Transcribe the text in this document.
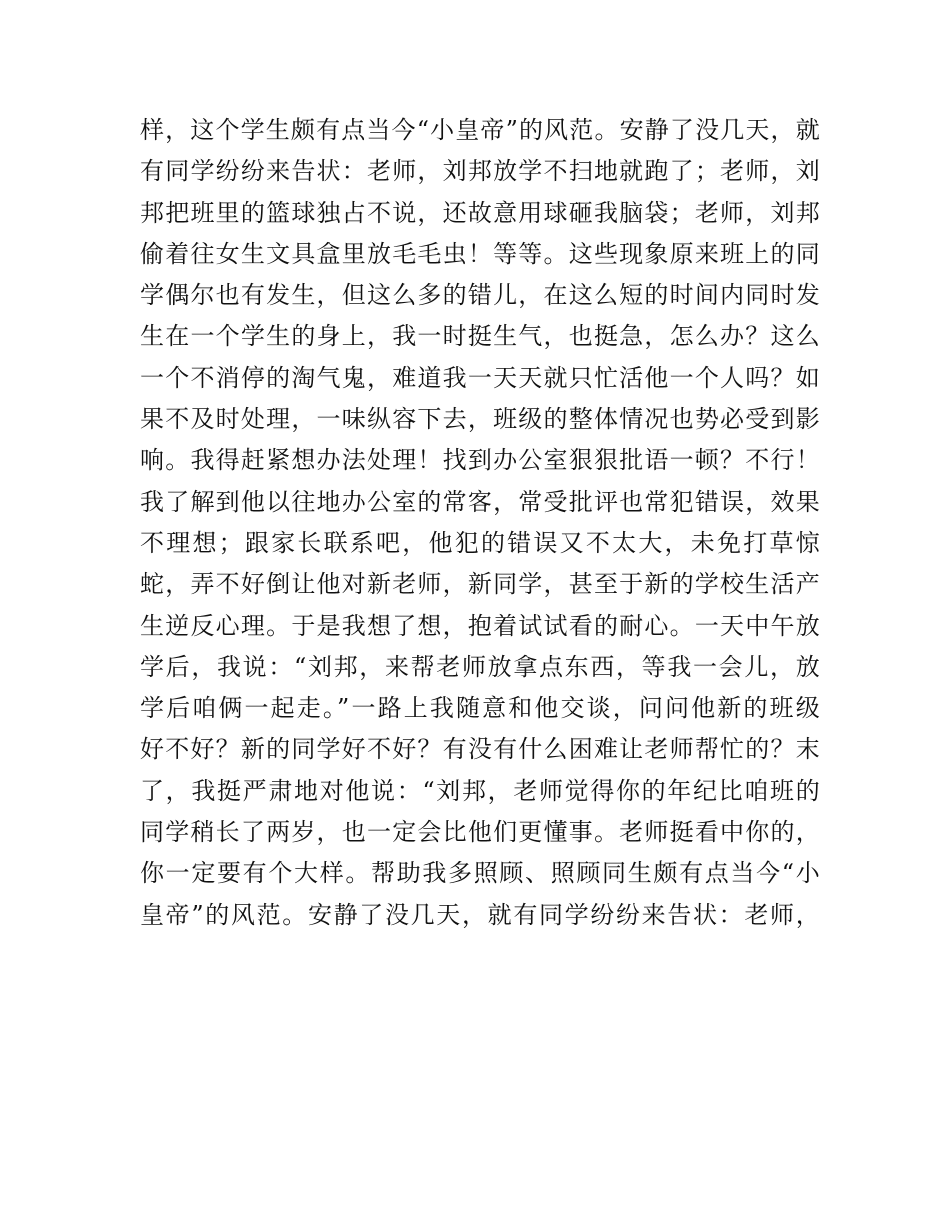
样，这个学生颇有点当今“小皇帝”的风范。安静了没几天，就
有同学纷纷来告状：老师，刘邦放学不扫地就跑了；老师，刘
邦把班里的篮球独占不说，还故意用球砸我脑袋；老师，刘邦
偷着往女生文具盒里放毛毛虫！等等。这些现象原来班上的同
学偶尔也有发生，但这么多的错儿，在这么短的时间内同时发
生在一个学生的身上，我一时挺生气，也挺急，怎么办？这么
一个不消停的淘气鬼，难道我一天天就只忙活他一个人吗？如
果不及时处理，一味纵容下去，班级的整体情况也势必受到影
响。我得赶紧想办法处理！找到办公室狠狠批语一顿？不行！
我了解到他以往地办公室的常客，常受批评也常犯错误，效果
不理想；跟家长联系吧，他犯的错误又不太大，未免打草惊
蛇，弄不好倒让他对新老师，新同学，甚至于新的学校生活产
生逆反心理。于是我想了想，抱着试试看的耐心。一天中午放
学后，我说：“刘邦，来帮老师放拿点东西，等我一会儿，放
学后咱俩一起走。”一路上我随意和他交谈，问问他新的班级
好不好？新的同学好不好？有没有什么困难让老师帮忙的？末
了，我挺严肃地对他说：“刘邦，老师觉得你的年纪比咱班的
同学稍长了两岁，也一定会比他们更懂事。老师挺看中你的，
你一定要有个大样。帮助我多照顾、照顾同生颇有点当今“小
皇帝”的风范。安静了没几天，就有同学纷纷来告状：老师，
